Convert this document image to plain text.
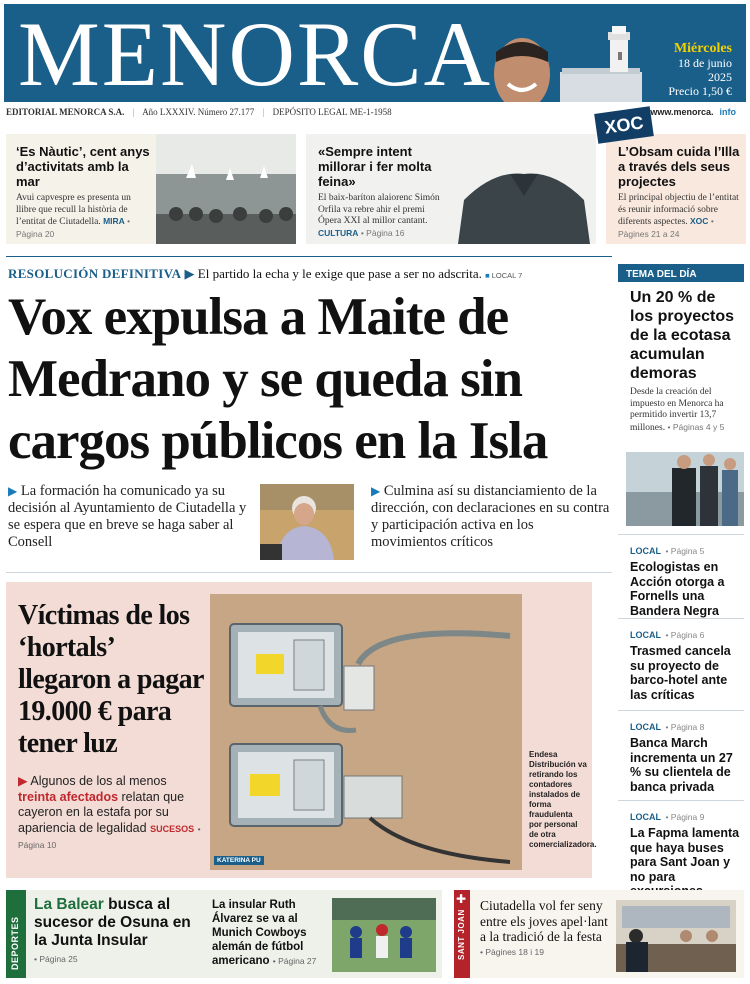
MENORCA	Miércoles
18 de junio
2025
Precio 1,50 €
EDITORIAL MENORCA S.A. | Año LXXXIV. Número 27.177 | DEPÓSITO LEGAL ME-1-1958	www.menorca. info
‘Es Nàutic’, cent anys d’activitats amb la mar
Avui capvespre es presenta un llibre que recull la història de l’entitat de Ciutadella. MIRA • Pàgina 20
«Sempre intent millorar i fer molta feina»
El baix-baríton alaiorenc Simón Orfila va rebre ahir el premi Ópera XXI al millor cantant. CULTURA • Pàgina 16
XOC
L’Obsam cuida l’Illa a través dels seus projectes
El principal objectiu de l’entitat és reunir informació sobre diferents aspectes. XOC • Pàgines 21 a 24
RESOLUCIÓN DEFINITIVA ▶ El partido la echa y le exige que pase a ser no adscrita. ■ LOCAL 7
Vox expulsa a Maite de Medrano y se queda sin cargos públicos en la Isla
▶ La formación ha comunicado ya su decisión al Ayuntamiento de Ciutadella y se espera que en breve se haga saber al Consell
▶ Culmina así su distanciamiento de la dirección, con declaraciones en su contra y participación activa en los movimientos críticos
Víctimas de los ‘hortals’ llegaron a pagar 19.000 € para tener luz
▶ Algunos de los al menos treinta afectados relatan que cayeron en la estafa por su apariencia de legalidad SUCESOS • Página 10
KATERINA PU
Endesa Distribución va retirando los contadores instalados de forma fraudulenta por personal de otra comercializadora.
TEMA DEL DÍA
Un 20 % de los proyectos de la ecotasa acumulan demoras
Desde la creación del impuesto en Menorca ha permitido invertir 13,7 millones. • Páginas 4 y 5
LOCAL • Página 5
Ecologistas en Acción otorga a Fornells una Bandera Negra
LOCAL • Página 6
Trasmed cancela su proyecto de barco-hotel ante las críticas
LOCAL • Página 8
Banca March incrementa un 27 % su clientela de banca privada
LOCAL • Página 9
La Fapma lamenta que haya buses para Sant Joan y no para
DEPORTES
La Balear busca al sucesor de Osuna en la Junta Insular
• Página 25
La insular Ruth Álvarez se va al Munich Cowboys alemán de fútbol americano • Página 27
✚
SANT JOAN
Ciutadella vol fer seny entre els joves apel·lant a la tradició de la festa
• Pàgines 18 i 19
